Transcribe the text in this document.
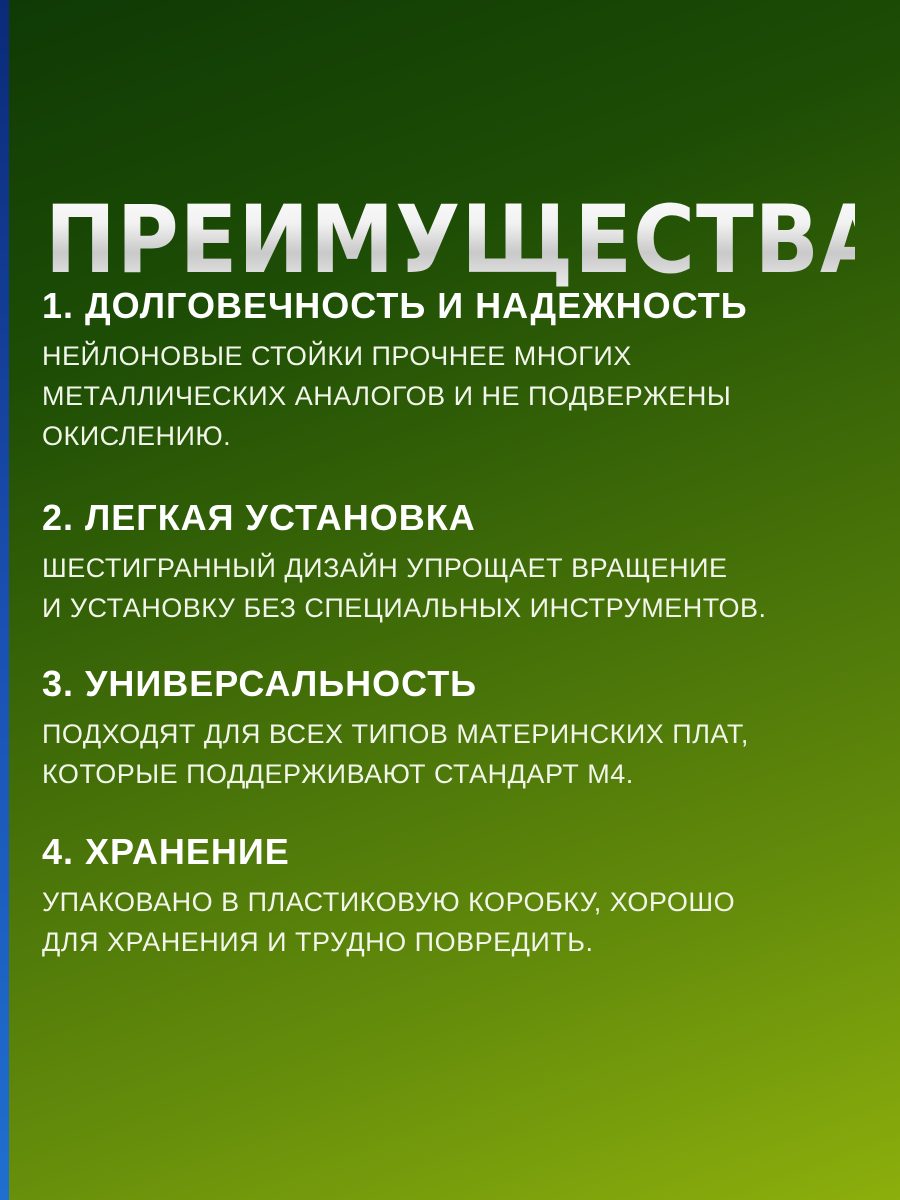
ПРЕИМУЩЕСТВА
1. ДОЛГОВЕЧНОСТЬ И НАДЕЖНОСТЬ
НЕЙЛОНОВЫЕ СТОЙКИ ПРОЧНЕЕ МНОГИХ
МЕТАЛЛИЧЕСКИХ АНАЛОГОВ И НЕ ПОДВЕРЖЕНЫ
ОКИСЛЕНИЮ.
2. ЛЕГКАЯ УСТАНОВКА
ШЕСТИГРАННЫЙ ДИЗАЙН УПРОЩАЕТ ВРАЩЕНИЕ
И УСТАНОВКУ БЕЗ СПЕЦИАЛЬНЫХ ИНСТРУМЕНТОВ.
3. УНИВЕРСАЛЬНОСТЬ
ПОДХОДЯТ ДЛЯ ВСЕХ ТИПОВ МАТЕРИНСКИХ ПЛАТ,
КОТОРЫЕ ПОДДЕРЖИВАЮТ СТАНДАРТ М4.
4. ХРАНЕНИЕ
УПАКОВАНО В ПЛАСТИКОВУЮ КОРОБКУ, ХОРОШО
ДЛЯ ХРАНЕНИЯ И ТРУДНО ПОВРЕДИТЬ.
